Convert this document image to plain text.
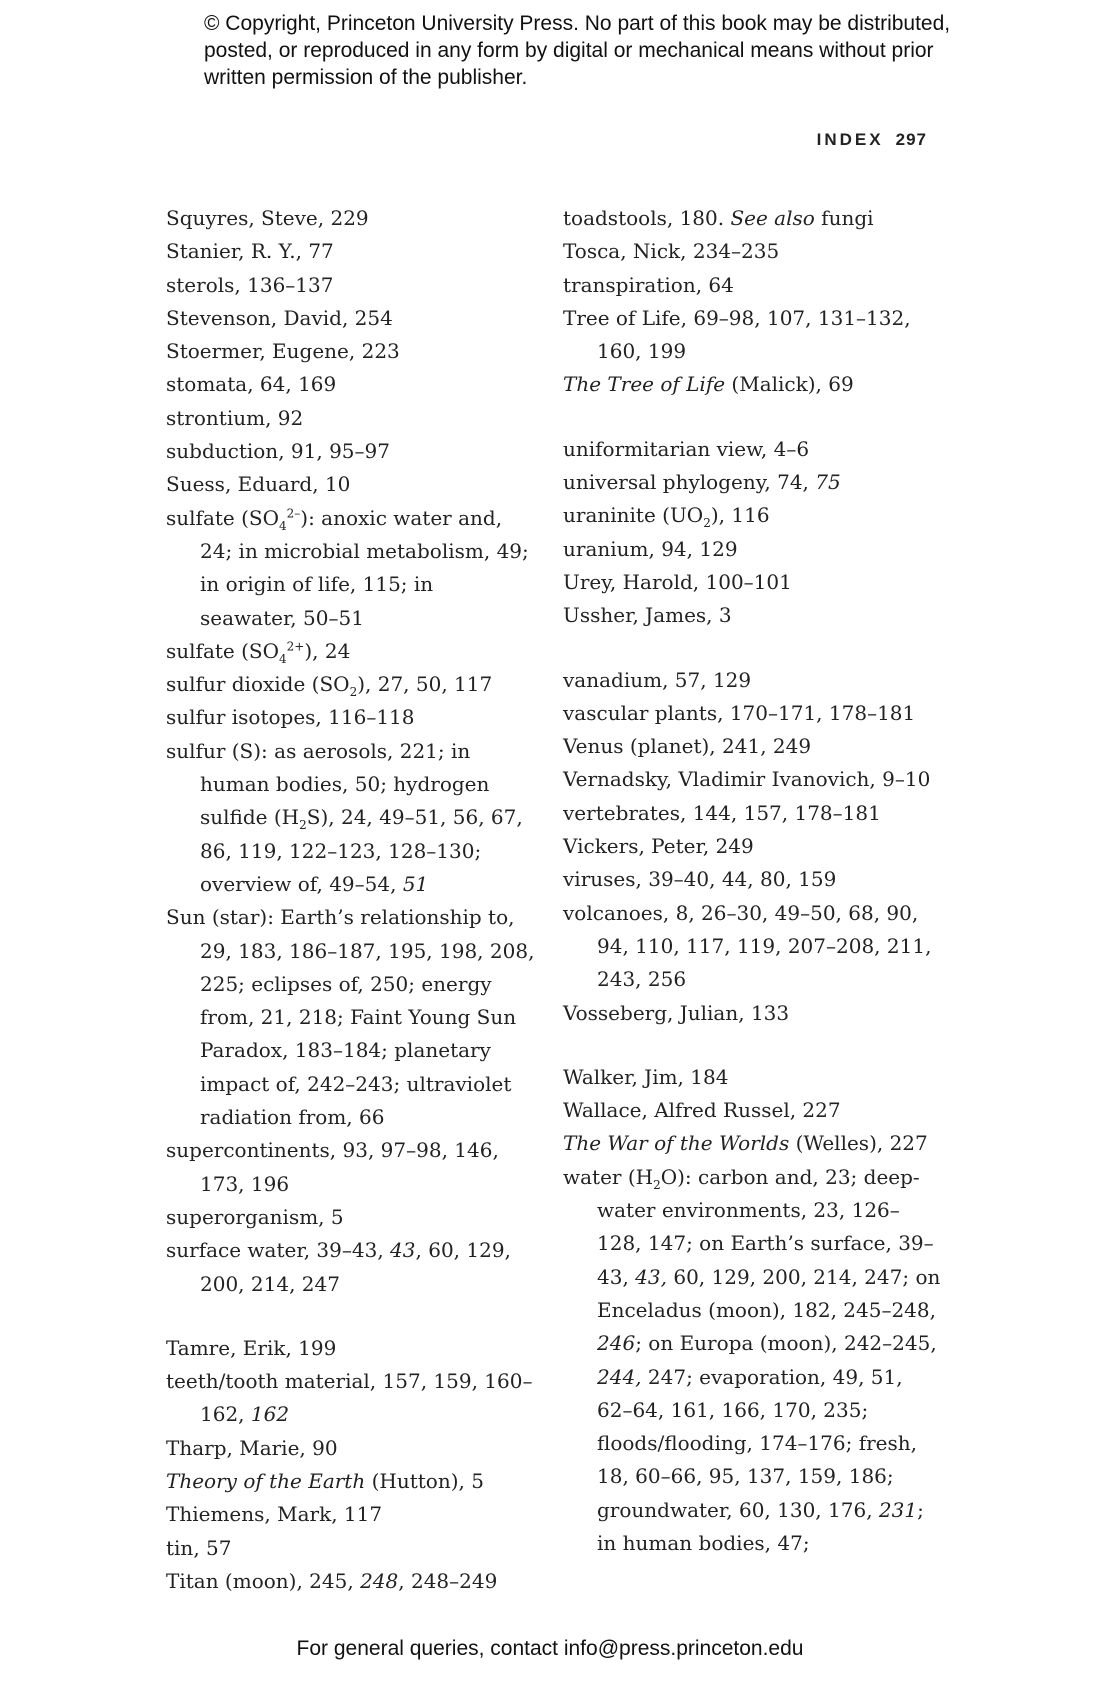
© Copyright, Princeton University Press. No part of this book may be distributed, posted, or reproduced in any form by digital or mechanical means without prior written permission of the publisher.
INDEX 297

Squyres, Steve, 229

Stanier, R. Y., 77

sterols, 136–137

Stevenson, David, 254

Stoermer, Eugene, 223

stomata, 64, 169

strontium, 92

subduction, 91, 95–97

Suess, Eduard, 10

sulfate $(SO_4^{2-})$: anoxic water and, 24; in microbial metabolism, 49; in origin of life, 115; in seawater, 50–51

sulfate $(SO_4^{2+})$, 24

sulfur dioxide $(SO_2)$, 27, 50, 117

sulfur isotopes, 116–118

sulfur (S): as aerosols, 221; in human bodies, 50; hydrogen sulfide $(H_2S)$, 24, 49–51, 56, 67, 86, 119, 122–123, 128–130; overview of, 49–54, 51

Sun (star): Earth’s relationship to, 29, 183, 186–187, 195, 198, 208, 225; eclipses of, 250; energy from, 21, 218; Faint Young Sun Paradox, 183–184; planetary impact of, 242–243; ultraviolet radiation from, 66

supercontinents, 93, 97–98, 146, 173, 196

superorganism, 5

surface water, 39–43, 43, 60, 129, 200, 214, 247

Tamre, Erik, 199

teeth/tooth material, 157, 159, 160–162, 162

Tharp, Marie, 90

Theory of the Earth (Hutton), 5

Thiemens, Mark, 117

tin, 57

Titan (moon), 245, 248, 248–249

toadstools, 180. See also fungi

Tosca, Nick, 234–235

transpiration, 64

Tree of Life, 69–98, 107, 131–132, 160, 199

The Tree of Life (Malick), 69

uniformitarian view, 4–6

universal phylogeny, 74, 75

uraninite $(UO_2)$, 116

uranium, 94, 129

Urey, Harold, 100–101

Ussher, James, 3

vanadium, 57, 129

vascular plants, 170–171, 178–181

Venus (planet), 241, 249

Vernadsky, Vladimir Ivanovich, 9–10

vertebrates, 144, 157, 178–181

Vickers, Peter, 249

viruses, 39–40, 44, 80, 159

volcanoes, 8, 26–30, 49–50, 68, 90, 94, 110, 117, 119, 207–208, 211, 243, 256

Vosseberg, Julian, 133

Walker, Jim, 184

Wallace, Alfred Russel, 227

The War of the Worlds (Welles), 227

water $(H_2O)$: carbon and, 23; deep-water environments, 23, 126–128, 147; on Earth’s surface, 39–43, 43, 60, 129, 200, 214, 247; on Enceladus (moon), 182, 245–248, 246; on Europa (moon), 242–245, 244, 247; evaporation, 49, 51, 62–64, 161, 166, 170, 235; floods/flooding, 174–176; fresh, 18, 60–66, 95, 137, 159, 186; groundwater, 60, 130, 176, 231; in human bodies, 47;

For general queries, contact info@press.princeton.edu
